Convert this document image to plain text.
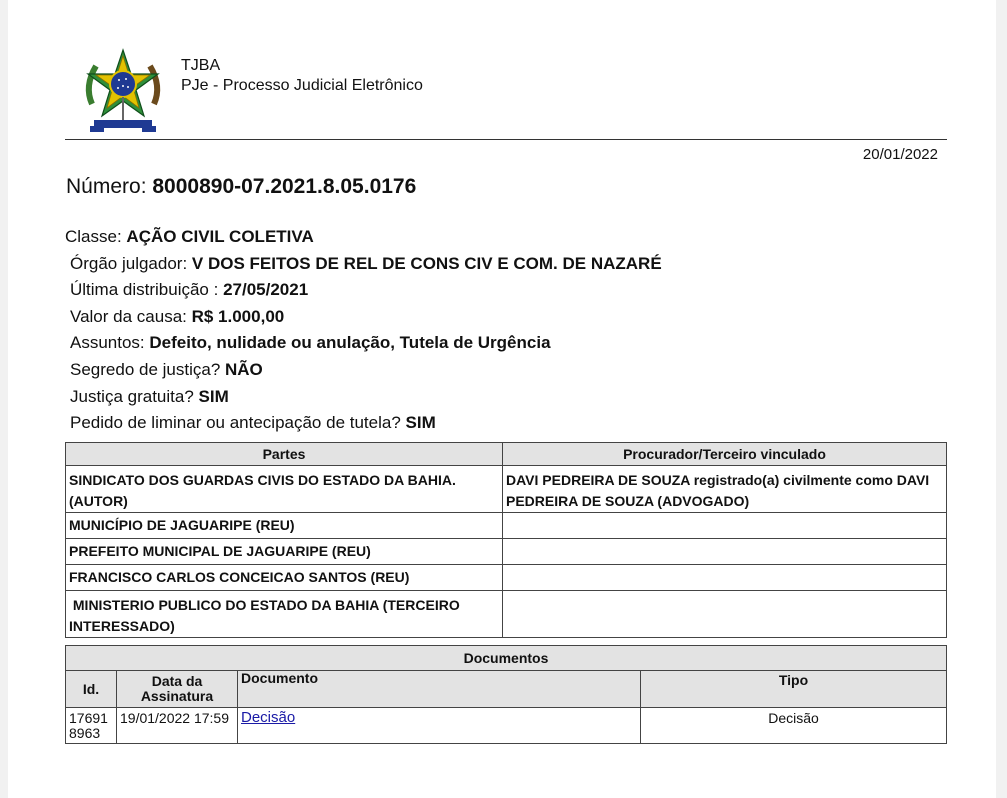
TJBA
PJe - Processo Judicial Eletrônico
20/01/2022
Número: 8000890-07.2021.8.05.0176
Classe: AÇÃO CIVIL COLETIVA
Órgão julgador: V DOS FEITOS DE REL DE CONS CIV E COM. DE NAZARÉ
Última distribuição : 27/05/2021
Valor da causa: R$ 1.000,00
Assuntos: Defeito, nulidade ou anulação, Tutela de Urgência
Segredo de justiça? NÃO
Justiça gratuita? SIM
Pedido de liminar ou antecipação de tutela? SIM
Partes	Procurador/Terceiro vinculado
SINDICATO DOS GUARDAS CIVIS DO ESTADO DA BAHIA. (AUTOR)	DAVI PEDREIRA DE SOUZA registrado(a) civilmente como DAVI PEDREIRA DE SOUZA (ADVOGADO)
MUNICÍPIO DE JAGUARIPE (REU)	
PREFEITO MUNICIPAL DE JAGUARIPE (REU)	
FRANCISCO CARLOS CONCEICAO SANTOS (REU)	
MINISTERIO PUBLICO DO ESTADO DA BAHIA (TERCEIRO INTERESSADO)	
Documentos			
Id.	Data da Assinatura	Documento	Tipo
17691 8963	19/01/2022 17:59	Decisão	Decisão
